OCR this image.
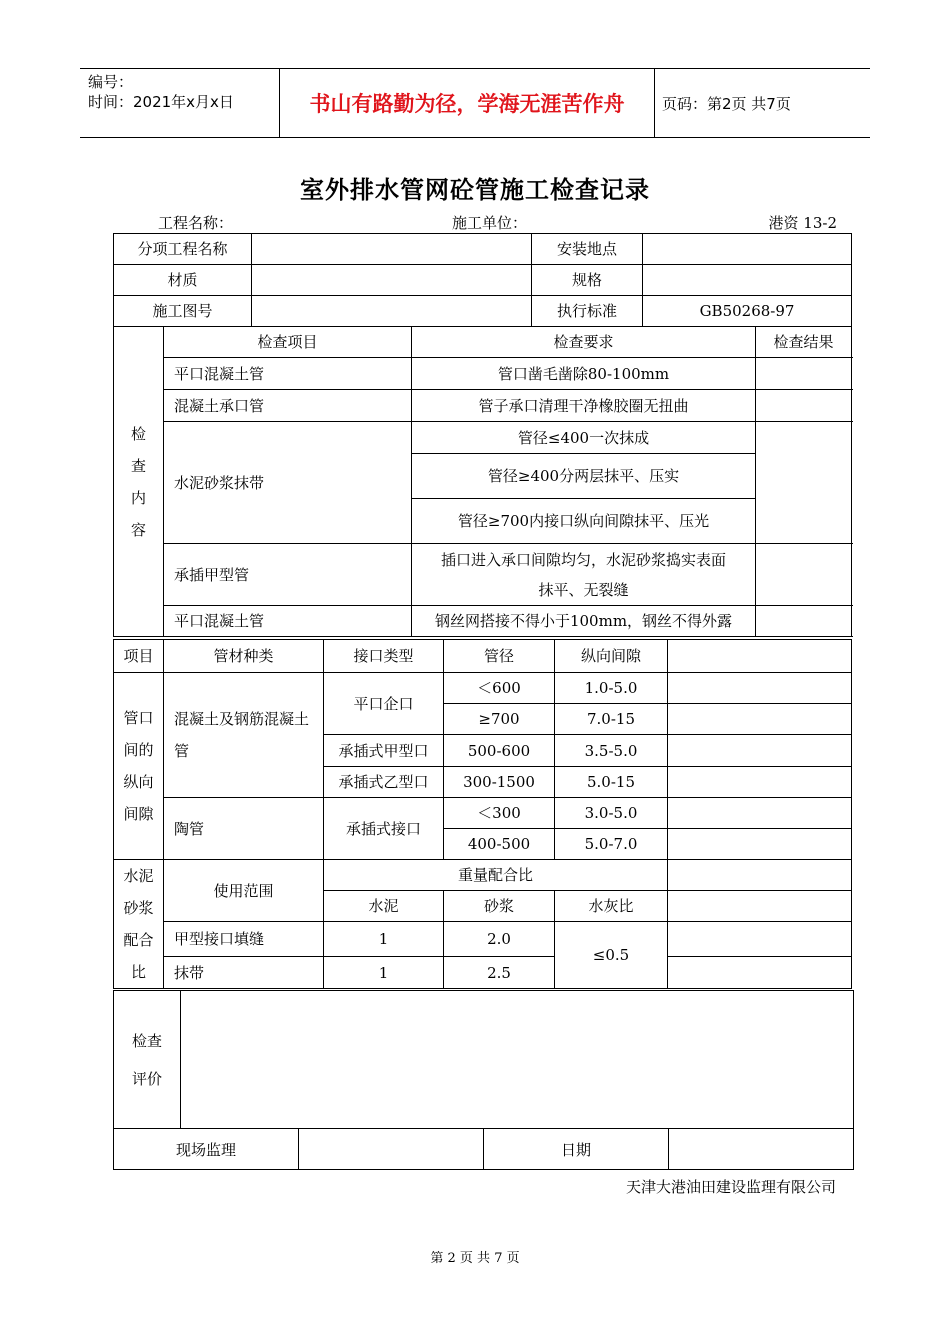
编号：
时间：2021年x月x日	书山有路勤为径，学海无涯苦作舟	页码：第2页 共7页
室外排水管网砼管施工检查记录
工程名称：	施工单位：	港资 13-2
分项工程名称				安装地点		
材质				规格		
施工图号				执行标准	GB50268-97	
检
查
内
容	检查项目		检查要求			检查结果
	平口混凝土管		管口凿毛凿除80-100mm			
	混凝土承口管		管子承口清理干净橡胶圈无扭曲			
	水泥砂浆抹带		管径≤400一次抹成			
			管径≥400分两层抹平、压实			
			管径≥700内接口纵向间隙抹平、压光			
	承插甲型管		插口进入承口间隙均匀，水泥砂浆捣实表面
抹平、无裂缝			
	平口混凝土管		钢丝网搭接不得小于100mm，钢丝不得外露			
项目	管材种类	接口类型	管径	纵向间隙	
管口
间的
纵向
间隙	混凝土及钢筋混凝土管	平口企口	＜600	1.0-5.0	
			≥700	7.0-15	
		承插式甲型口	500-600	3.5-5.0	
		承插式乙型口	300-1500	5.0-15	
	陶管	承插式接口	＜300	3.0-5.0	
			400-500	5.0-7.0	
水泥
砂浆
配合
比	使用范围	重量配合比			
		水泥	砂浆	水灰比	
	甲型接口填缝	1	2.0	≤0.5	
	抹带	1	2.5		
检查
评价				
现场监理			日期	
天津大港油田建设监理有限公司
第 2 页 共 7 页
